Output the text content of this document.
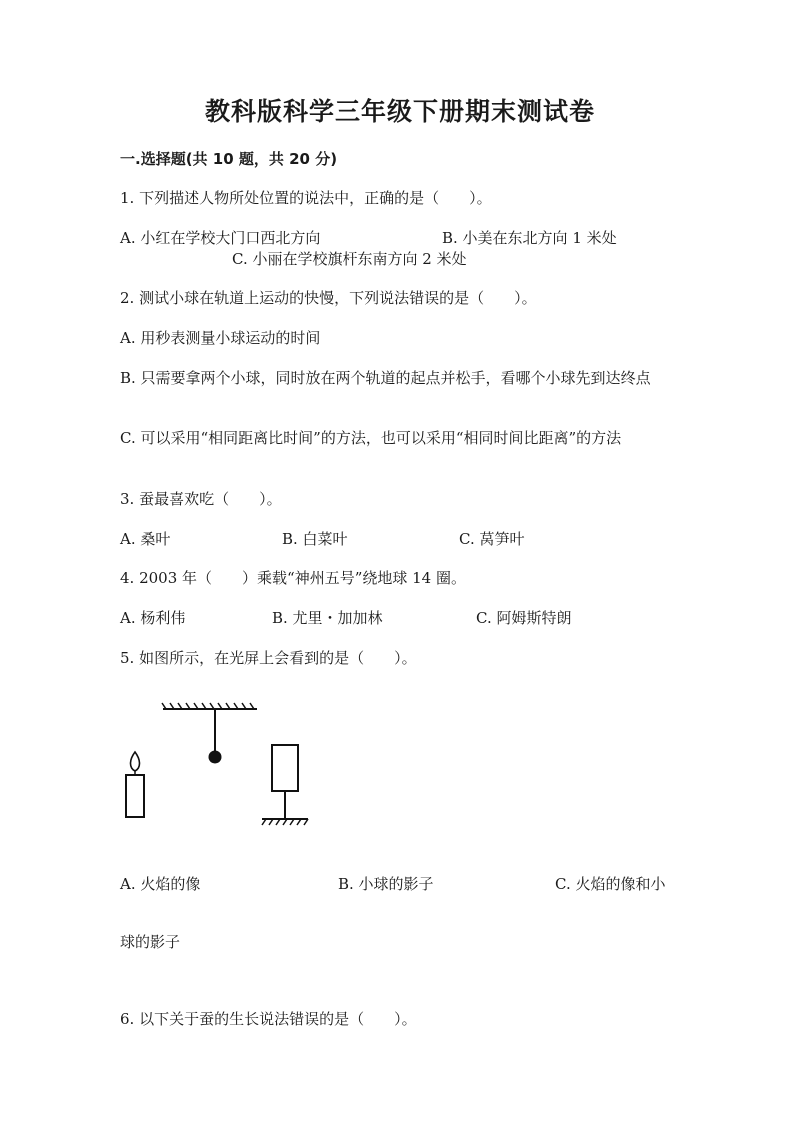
教科版科学三年级下册期末测试卷
一.选择题(共 10 题，共 20 分)
1. 下列描述人物所处位置的说法中，正确的是（　　）。
A. 小红在学校大门口西北方向	B. 小美在东北方向 1 米处
C. 小丽在学校旗杆东南方向 2 米处
2. 测试小球在轨道上运动的快慢，下列说法错误的是（　　）。
A. 用秒表测量小球运动的时间
B. 只需要拿两个小球，同时放在两个轨道的起点并松手，看哪个小球先到达终点
C. 可以采用“相同距离比时间”的方法，也可以采用“相同时间比距离”的方法
3. 蚕最喜欢吃（　　）。
A. 桑叶	B. 白菜叶	C. 莴笋叶
4. 2003 年（　　）乘载“神州五号”绕地球 14 圈。
A. 杨利伟	B. 尤里・加加林	C. 阿姆斯特朗
5. 如图所示，在光屏上会看到的是（　　）。
A. 火焰的像	B. 小球的影子	C. 火焰的像和小
球的影子
6. 以下关于蚕的生长说法错误的是（　　）。
